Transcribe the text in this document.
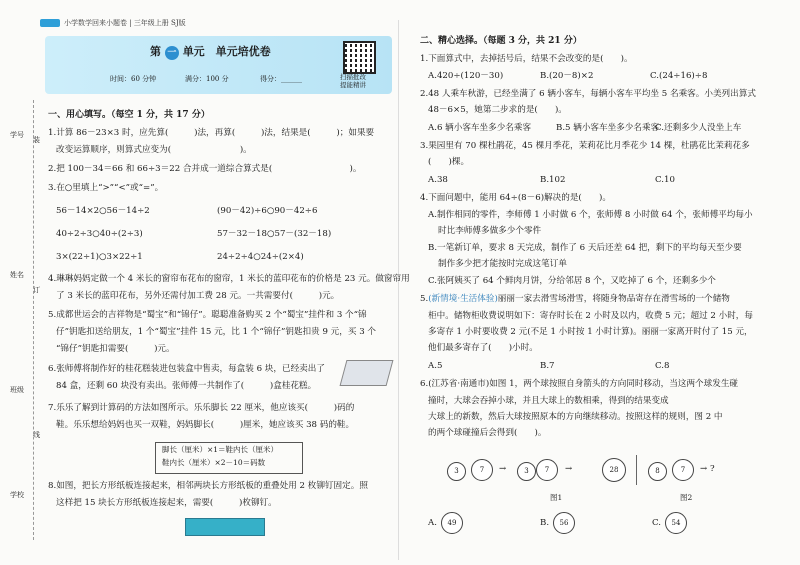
小学数学回来小题卷 | 三年级上册 SJ版
第 一 单元　单元培优卷
时间：60 分钟	满分：100 分	得分：______	扫描批改
提能精讲
学号
姓名
班级
学校
装
订
线
一、用心填写。（每空 1 分，共 17 分）
1.计算 86－23×3 时，应先算(　　　)法，再算(　　　)法，结果是(　　　)；如果要
改变运算顺序，则算式应变为(　　　　　　　　)。
2.把 100－34＝66 和 66÷3＝22 合并成一道综合算式是(　　　　　　　　　)。
3.在○里填上“>”“<”或“=”。
56－14×2○56－14÷2	(90－42)÷6○90－42÷6
40÷2÷3○40÷(2÷3)	57－32－18○57－(32－18)
3×(22÷1)○3×22÷1	24÷2÷4○24÷(2×4)
4.琳琳妈妈定做一个 4 米长的窗帘布花布的窗帘，1 米长的蓝印花布的价格是 23 元。做窗帘用
了 3 米长的蓝印花布，另外还需付加工费 28 元。一共需要付(　　　)元。
5.成都世运会的吉祥物是“蜀宝”和“锦仔”。聪聪准备购买 2 个“蜀宝”挂件和 3 个“锦
仔”钥匙扣送给朋友，1 个“蜀宝”挂件 15 元，比 1 个“锦仔”钥匙扣贵 9 元，买 3 个
“锦仔”钥匙扣需要(　　　)元。
6.张师傅将制作好的桂花糕装进包装盒中售卖，每盒装 6 块，已经卖出了
84 盒，还剩 60 块没有卖出。张师傅一共制作了(　　　)盒桂花糕。
7.乐乐了解到计算码的方法如图所示。乐乐脚长 22 厘米，他应该买(　　　)码的
鞋。乐乐想给妈妈也买一双鞋，妈妈脚长(　　　)厘米，她应该买 38 码的鞋。
脚长（厘米）×1＝鞋内长（厘米）
鞋内长（厘米）×2－10＝码数
8.如图，把长方形纸板连接起来，相邻两块长方形纸板的重叠处用 2 枚铆钉固定。照
这样把 15 块长方形纸板连接起来，需要(　　　)枚铆钉。
二、精心选择。（每题 3 分，共 21 分）
1.下面算式中，去掉括号后，结果不会改变的是(　　)。
A.420÷(120－30)	B.(20－8)×2	C.(24÷16)÷8
2.48 人乘车秋游，已经坐满了 6 辆小客车，每辆小客车平均坐 5 名乘客。小美列出算式
48－6×5，她第二步求的是(　　)。
A.6 辆小客车坐多少名乘客	B.5 辆小客车坐多少名乘客
C.还剩多少人没坐上车
3.果园里有 70 棵杜鹃花，45 棵月季花，茉莉花比月季花少 14 棵，杜鹃花比茉莉花多
(　　)棵。
A.38	B.102	C.10
4.下面问题中，能用 64÷(8－6)解决的是(　　)。
A.制作相同的零件，李师傅 1 小时做 6 个，张师傅 8 小时做 64 个，张师傅平均每小
时比李师傅多做多少个零件
B.一笔新订单，要求 8 天完成，制作了 6 天后还差 64 把，剩下的平均每天至少要
制作多少把才能按时完成这笔订单
C.张阿姨买了 64 个鲜肉月饼，分给邻居 8 个，又吃掉了 6 个，还剩多少个
5.(新情境·生活体验)丽丽一家去滑雪场滑雪，将随身物品寄存在滑雪场的一个储物
柜中。储物柜收费说明如下：寄存时长在 2 小时及以内，收费 5 元；超过 2 小时，每
多寄存 1 小时要收费 2 元(不足 1 小时按 1 小时计算)。丽丽一家离开时付了 15 元，
他们最多寄存了(　　)小时。
A.5	B.7	C.8
6.(江苏省·南通市)如图 1，两个球按照自身箭头的方向同时移动，当这两个球发生碰
撞时，大球会吞掉小球，并且大球上的数相乘，得到的结果变成
大球上的新数，然后大球按照原本的方向继续移动。按照这样的规则，图 2 中
的两个球碰撞后会得到(　　)。
3	7	→	3	7	→	28
图1
8	7	→ ?
图2
A.	49	B.	56	C.	54
